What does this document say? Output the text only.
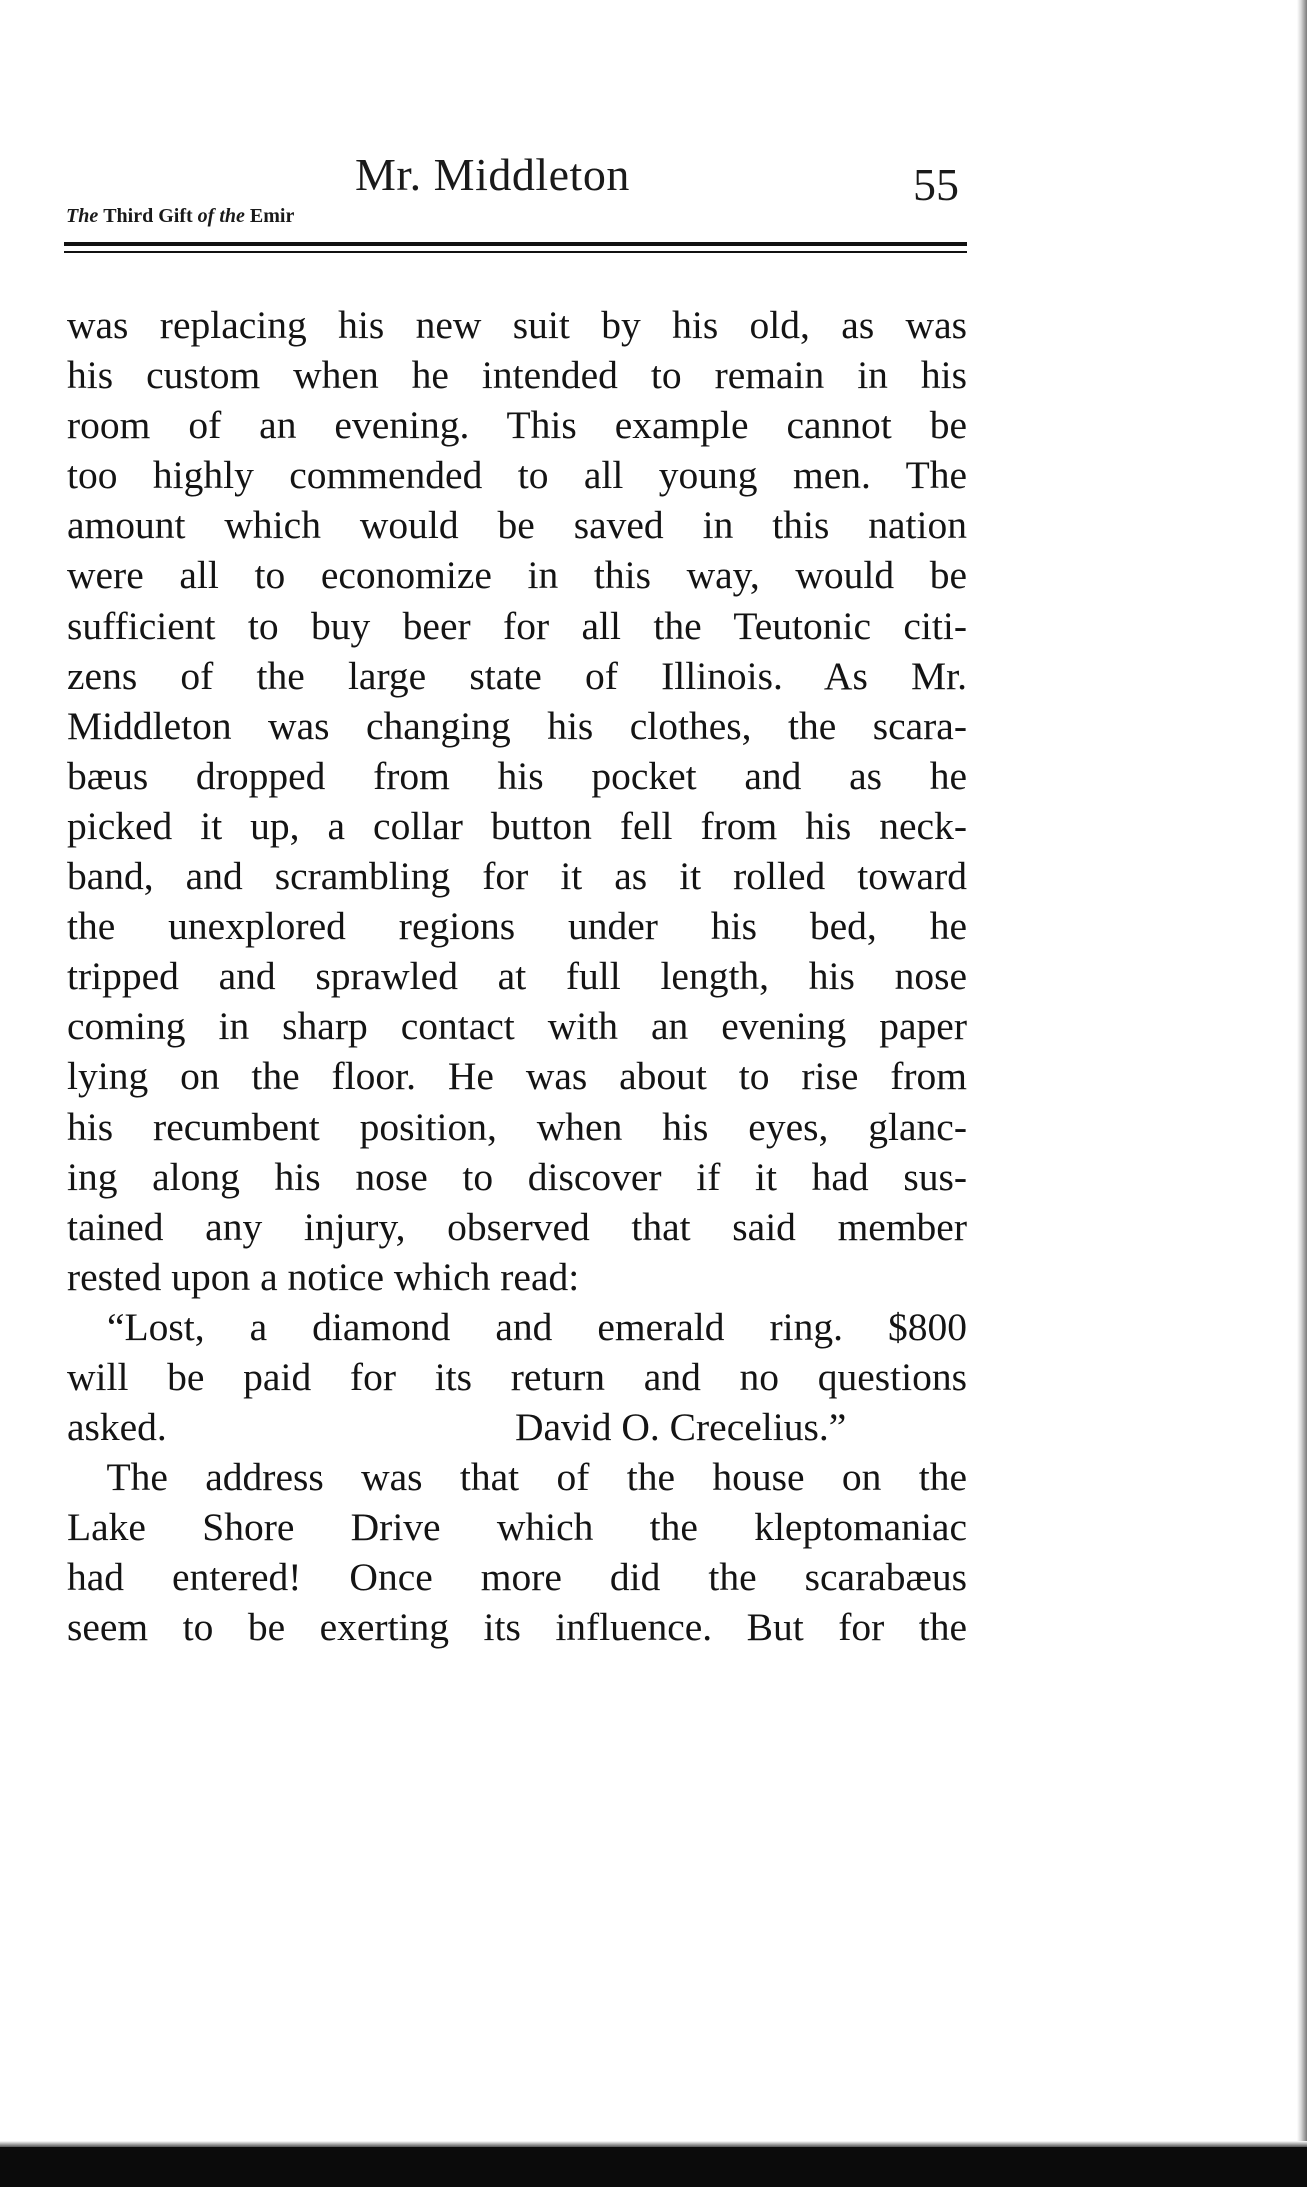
Mr. Middleton	55
The Third Gift of the Emir
was replacing his new suit by his old, as was
his custom when he intended to remain in his
room of an evening. This example cannot be
too highly commended to all young men. The
amount which would be saved in this nation
were all to economize in this way, would be
sufficient to buy beer for all the Teutonic citi-
zens of the large state of Illinois. As Mr.
Middleton was changing his clothes, the scara-
bæus dropped from his pocket and as he
picked it up, a collar button fell from his neck-
band, and scrambling for it as it rolled toward
the unexplored regions under his bed, he
tripped and sprawled at full length, his nose
coming in sharp contact with an evening paper
lying on the floor. He was about to rise from
his recumbent position, when his eyes, glanc-
ing along his nose to discover if it had sus-
tained any injury, observed that said member
rested upon a notice which read:
“Lost, a diamond and emerald ring. $800
will be paid for its return and no questions
asked.	David O. Crecelius.”
 The address was that of the house on the
Lake Shore Drive which the kleptomaniac
had entered! Once more did the scarabæus
seem to be exerting its influence. But for the
